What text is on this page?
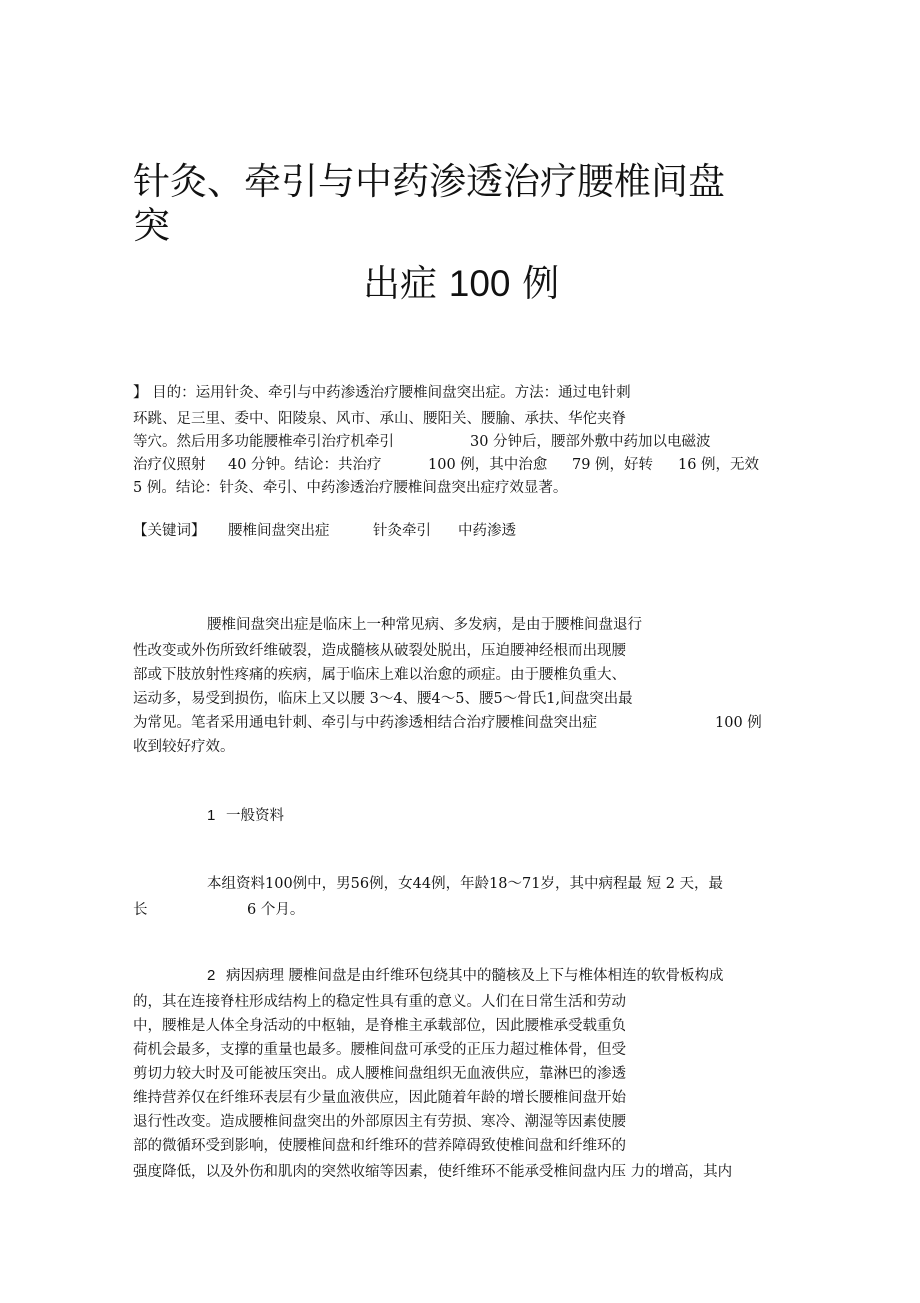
针灸、牵引与中药渗透治疗腰椎间盘
突
出症 100 例
】 目的：运用针灸、牵引与中药渗透治疗腰椎间盘突出症。方法：通过电针刺
环跳、足三里、委中、阳陵泉、风市、承山、腰阳关、腰腧、承扶、华佗夹脊
等穴。然后用多功能腰椎牵引治疗机牵引	30 分钟后，腰部外敷中药加以电磁波
治疗仪照射 40 分钟。结论：共治疗	100 例，其中治愈 79 例，好转 16 例，无效
5 例。结论：针灸、牵引、中药渗透治疗腰椎间盘突出症疗效显著。
【关键词】 腰椎间盘突出症	针灸牵引 中药渗透
腰椎间盘突出症是临床上一种常见病、多发病，是由于腰椎间盘退行
性改变或外伤所致纤维破裂，造成髓核从破裂处脱出，压迫腰神经根而出现腰
部或下肢放射性疼痛的疾病，属于临床上难以治愈的顽症。由于腰椎负重大、
运动多，易受到损伤，临床上又以腰 3～4、腰4～5、腰5～骨氏1,间盘突出最
为常见。笔者采用通电针刺、牵引与中药渗透相结合治疗腰椎间盘突出症	100 例
收到较好疗效。
1 一般资料
本组资料100例中，男56例，女44例，年龄18～71岁，其中病程最 短 2 天，最
长	6 个月。
2 病因病理 腰椎间盘是由纤维环包绕其中的髓核及上下与椎体相连的软骨板构成
的，其在连接脊柱形成结构上的稳定性具有重的意义。人们在日常生活和劳动
中，腰椎是人体全身活动的中枢轴，是脊椎主承载部位，因此腰椎承受载重负
荷机会最多，支撑的重量也最多。腰椎间盘可承受的正压力超过椎体骨，但受
剪切力较大时及可能被压突出。成人腰椎间盘组织无血液供应，靠淋巴的渗透
维持营养仅在纤维环表层有少量血液供应，因此随着年龄的增长腰椎间盘开始
退行性改变。造成腰椎间盘突出的外部原因主有劳损、寒冷、潮湿等因素使腰
部的微循环受到影响，使腰椎间盘和纤维环的营养障碍致使椎间盘和纤维环的
强度降低，以及外伤和肌肉的突然收缩等因素，使纤维环不能承受椎间盘内压 力的增高，其内
